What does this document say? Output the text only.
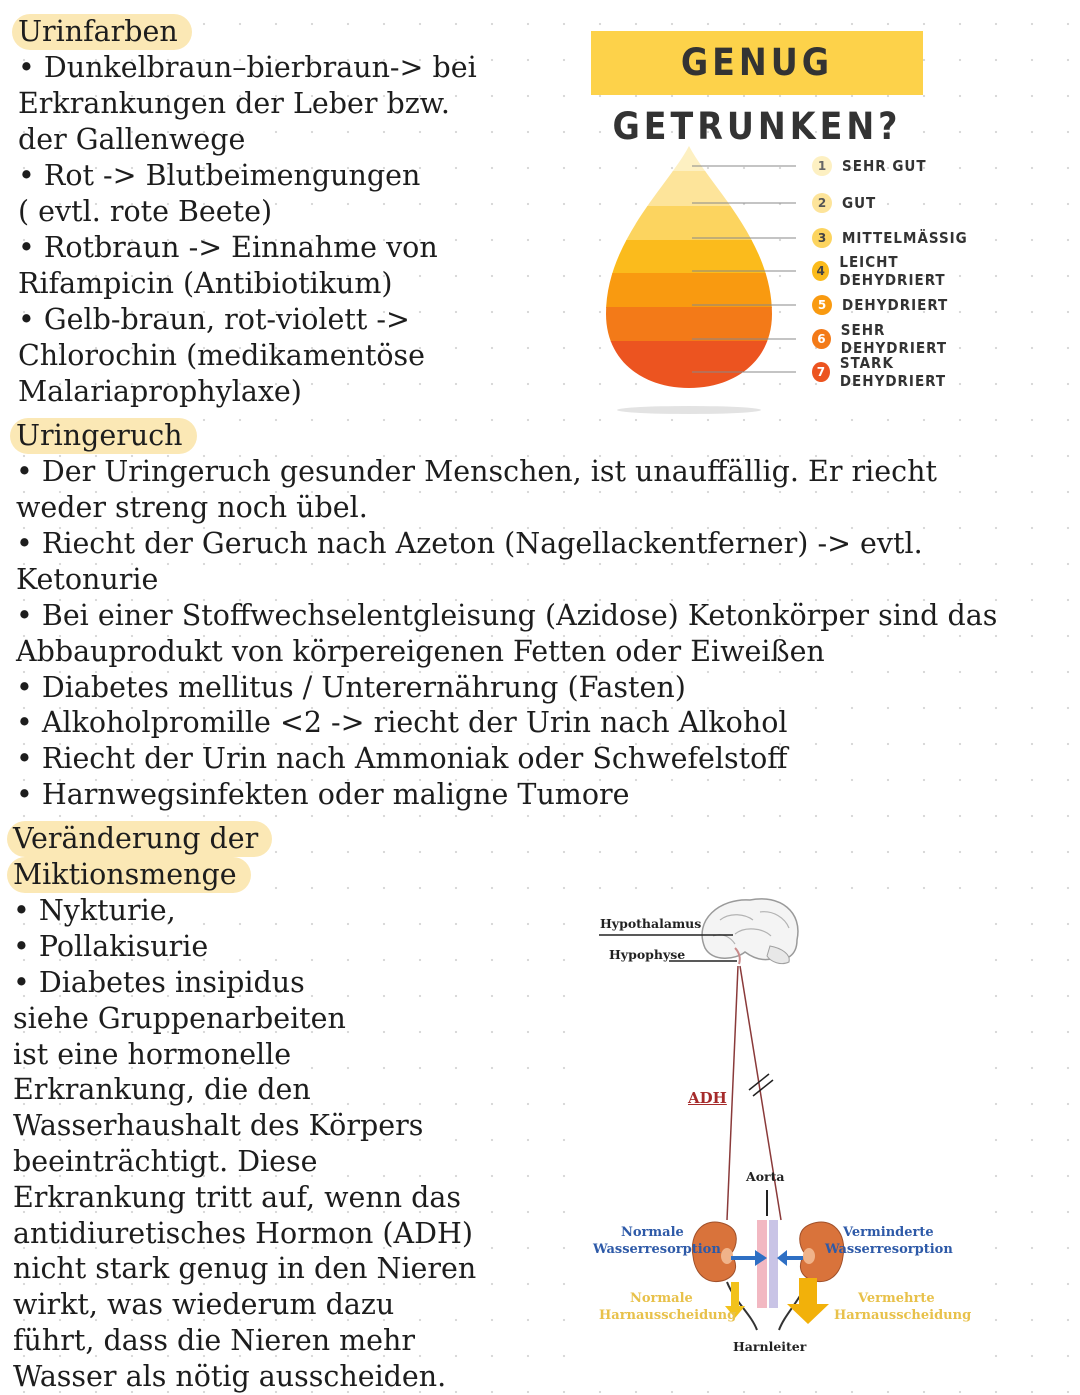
Urinfarben
• Dunkelbraun–bierbraun-> bei
Erkrankungen der Leber bzw.
der Gallenwege
• Rot -> Blutbeimengungen
( evtl. rote Beete)
• Rotbraun -> Einnahme von
Rifampicin (Antibiotikum)
• Gelb-braun, rot-violett ->
Chlorochin (medikamentöse
Malariaprophylaxe)
GENUG GETRUNKEN?
1	SEHR GUT
2	GUT
3	MITTELMÄSSIG
4 LEICHT DEHYDRIERT
5	DEHYDRIERT
6	SEHR DEHYDRIERT
7 STARK DEHYDRIERT
Uringeruch
• Der Uringeruch gesunder Menschen, ist unauffällig. Er riecht
weder streng noch übel.
• Riecht der Geruch nach Azeton (Nagellackentferner) -> evtl.
Ketonurie
• Bei einer Stoffwechselentgleisung (Azidose) Ketonkörper sind das
Abbauprodukt von körpereigenen Fetten oder Eiweißen
• Diabetes mellitus / Unterernährung (Fasten)
• Alkoholpromille <2 -> riecht der Urin nach Alkohol
• Riecht der Urin nach Ammoniak oder Schwefelstoff
• Harnwegsinfekten oder maligne Tumore
Veränderung der
Miktionsmenge
• Nykturie,
• Pollakisurie
• Diabetes insipidus
siehe Gruppenarbeiten
ist eine hormonelle
Erkrankung, die den
Wasserhaushalt des Körpers
beeinträchtigt. Diese
Erkrankung tritt auf, wenn das
antidiuretisches Hormon (ADH)
nicht stark genug in den Nieren
wirkt, was wiederum dazu
führt, dass die Nieren mehr
Wasser als nötig ausscheiden.
Hypothalamus
Hypophyse
ADH
Aorta
Normale
Wasserresorption
Verminderte
Wasserresorption
Normale
Harnausscheidung
Vermehrte
Harnausscheidung
Harnleiter
